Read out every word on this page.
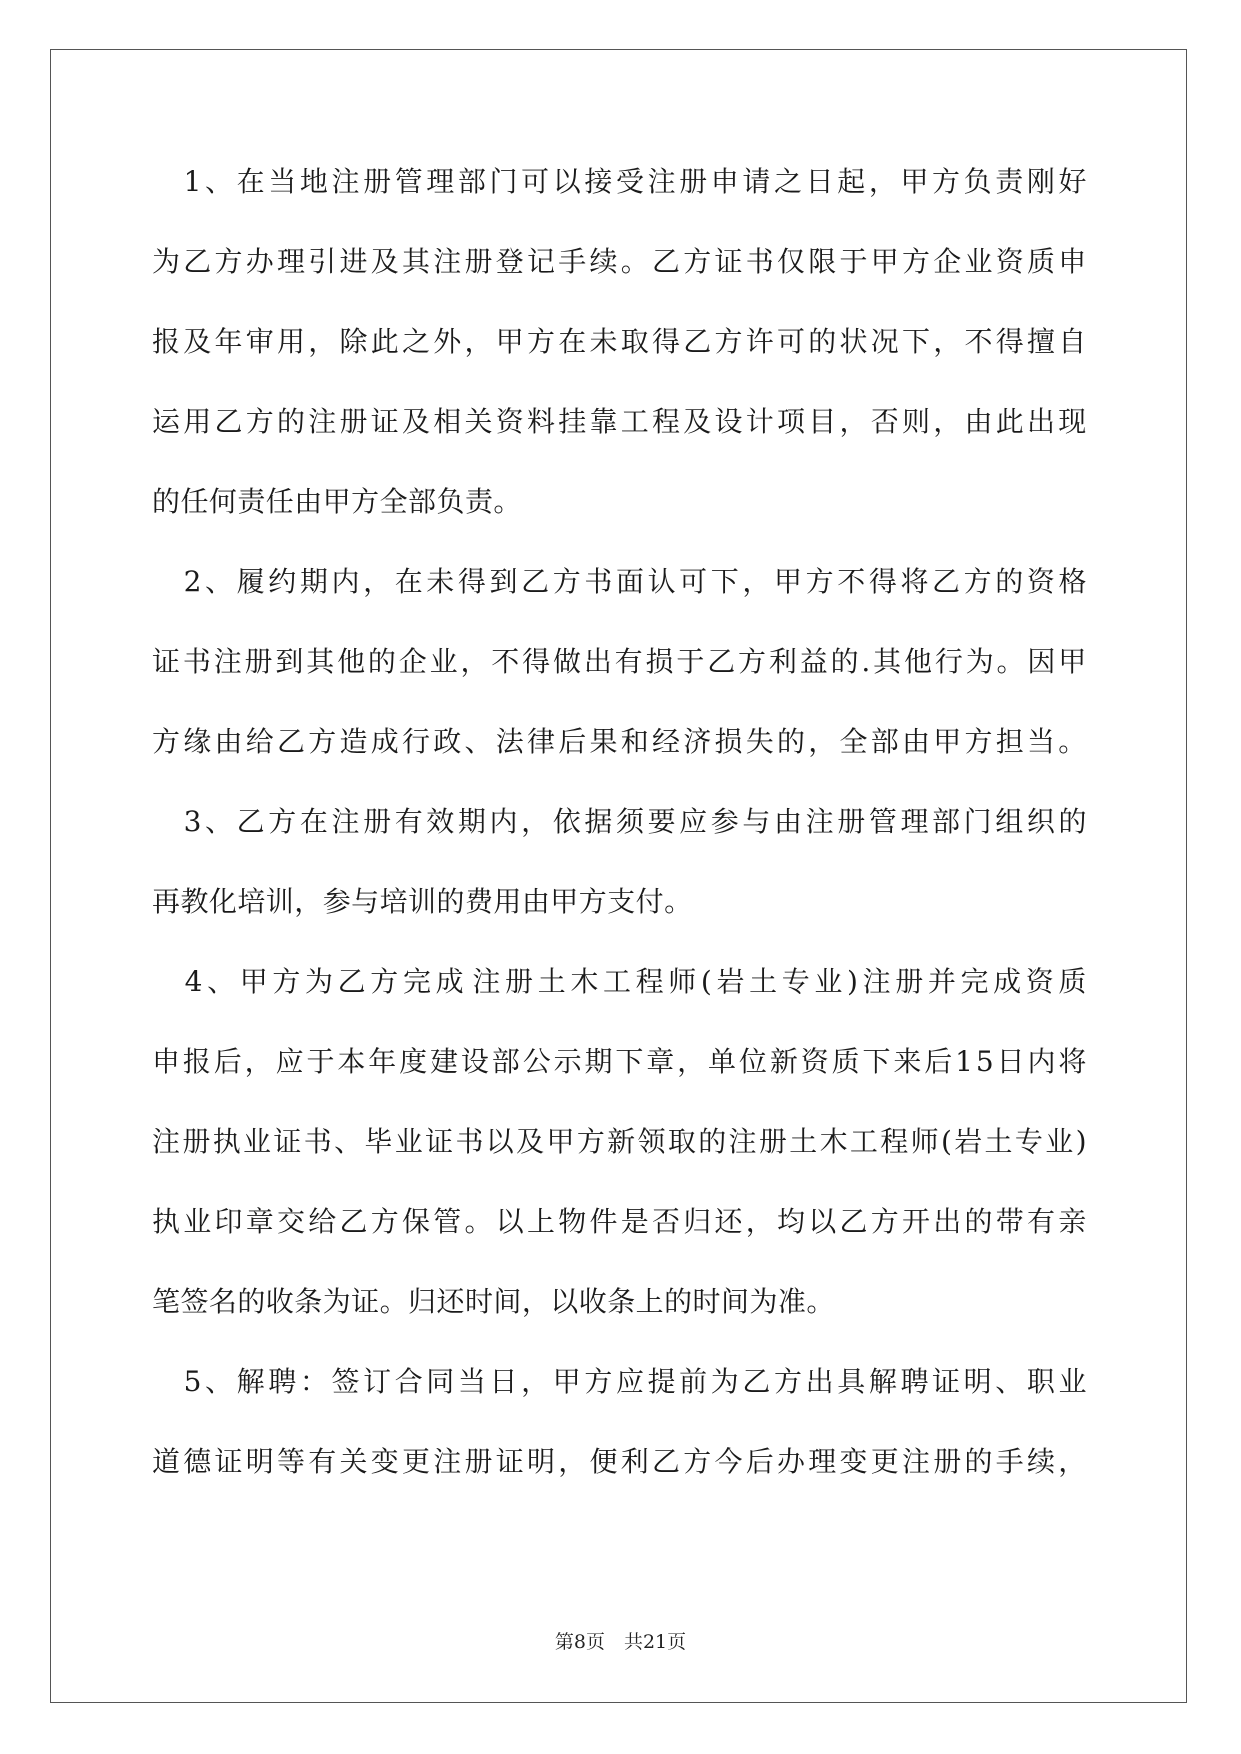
1 、 在 当 地 注 册 管 理 部 门 可 以 接 受 注 册 申 请 之 日 起 ， 甲 方 负 责 刚 好
为 乙 方 办 理 引 进 及 其 注 册 登 记 手 续 。 乙 方 证 书 仅 限 于 甲 方 企 业 资 质 申
报 及 年 审 用 ， 除 此 之 外 ， 甲 方 在 未 取 得 乙 方 许 可 的 状 况 下 ， 不 得 擅 自
运 用 乙 方 的 注 册 证 及 相 关 资 料 挂 靠 工 程 及 设 计 项 目 ， 否 则 ， 由 此 出 现
的任何责任由甲方全部负责。

2 、 履 约 期 内 ， 在 未 得 到 乙 方 书 面 认 可 下 ， 甲 方 不 得 将 乙 方 的 资 格
证 书 注 册 到 其 他 的 企 业 ， 不 得 做 出 有 损 于 乙 方 利 益 的 . 其 他 行 为 。 因 甲
方 缘 由 给 乙 方 造 成 行 政 、 法 律 后 果 和 经 济 损 失 的 ， 全 部 由 甲 方 担 当 。

3 、 乙 方 在 注 册 有 效 期 内 ， 依 据 须 要 应 参 与 由 注 册 管 理 部 门 组 织 的
再教化培训，参与培训的费用由甲方支付。

4 、 甲 方 为 乙 方 完 成 注 册 土 木 工 程 师 ( 岩 土 专 业 ) 注 册 并 完 成 资 质
申 报 后 ， 应 于 本 年 度 建 设 部 公 示 期 下 章 ， 单 位 新 资 质 下 来 后 1 5 日 内 将
注 册 执 业 证 书 、 毕 业 证 书 以 及 甲 方 新 领 取 的 注 册 土 木 工 程 师 ( 岩 土 专 业 )
执 业 印 章 交 给 乙 方 保 管 。 以 上 物 件 是 否 归 还 ， 均 以 乙 方 开 出 的 带 有 亲
笔签名的收条为证。归还时间，以收条上的时间为准。

5 、 解 聘 ： 签 订 合 同 当 日 ， 甲 方 应 提 前 为 乙 方 出 具 解 聘 证 明 、 职 业
道 德 证 明 等 有 关 变 更 注 册 证 明 ， 便 利 乙 方 今 后 办 理 变 更 注 册 的 手 续 ，
第8页　共21页
